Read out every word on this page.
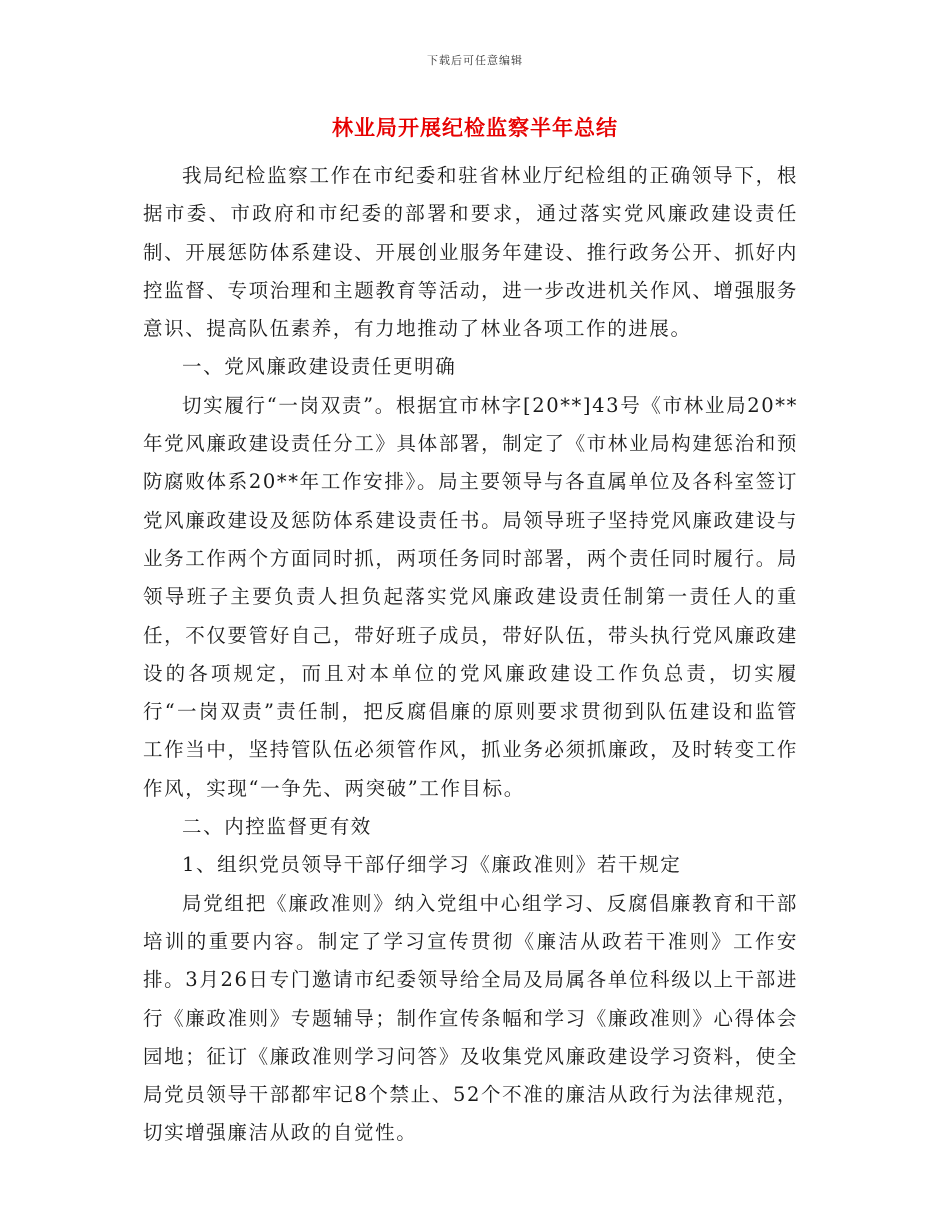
下载后可任意编辑
林业局开展纪检监察半年总结

我局纪检监察工作在市纪委和驻省林业厅纪检组的正确领导下，根据市委、市政府和市纪委的部署和要求，通过落实党风廉政建设责任制、开展惩防体系建设、开展创业服务年建设、推行政务公开、抓好内控监督、专项治理和主题教育等活动，进一步改进机关作风、增强服务意识、提高队伍素养，有力地推动了林业各项工作的进展。

一、党风廉政建设责任更明确

切实履行“一岗双责”。根据宜市林字[20**]43号《市林业局20**年党风廉政建设责任分工》具体部署，制定了《市林业局构建惩治和预防腐败体系20**年工作安排》。局主要领导与各直属单位及各科室签订党风廉政建设及惩防体系建设责任书。局领导班子坚持党风廉政建设与业务工作两个方面同时抓，两项任务同时部署，两个责任同时履行。局领导班子主要负责人担负起落实党风廉政建设责任制第一责任人的重任，不仅要管好自己，带好班子成员，带好队伍，带头执行党风廉政建设的各项规定，而且对本单位的党风廉政建设工作负总责，切实履行“一岗双责”责任制，把反腐倡廉的原则要求贯彻到队伍建设和监管工作当中，坚持管队伍必须管作风，抓业务必须抓廉政，及时转变工作作风，实现“一争先、两突破”工作目标。

二、内控监督更有效

1、组织党员领导干部仔细学习《廉政准则》若干规定

局党组把《廉政准则》纳入党组中心组学习、反腐倡廉教育和干部培训的重要内容。制定了学习宣传贯彻《廉洁从政若干准则》工作安排。3月26日专门邀请市纪委领导给全局及局属各单位科级以上干部进行《廉政准则》专题辅导；制作宣传条幅和学习《廉政准则》心得体会园地；征订《廉政准则学习问答》及收集党风廉政建设学习资料，使全局党员领导干部都牢记8个禁止、52个不准的廉洁从政行为法律规范，切实增强廉洁从政的自觉性。
